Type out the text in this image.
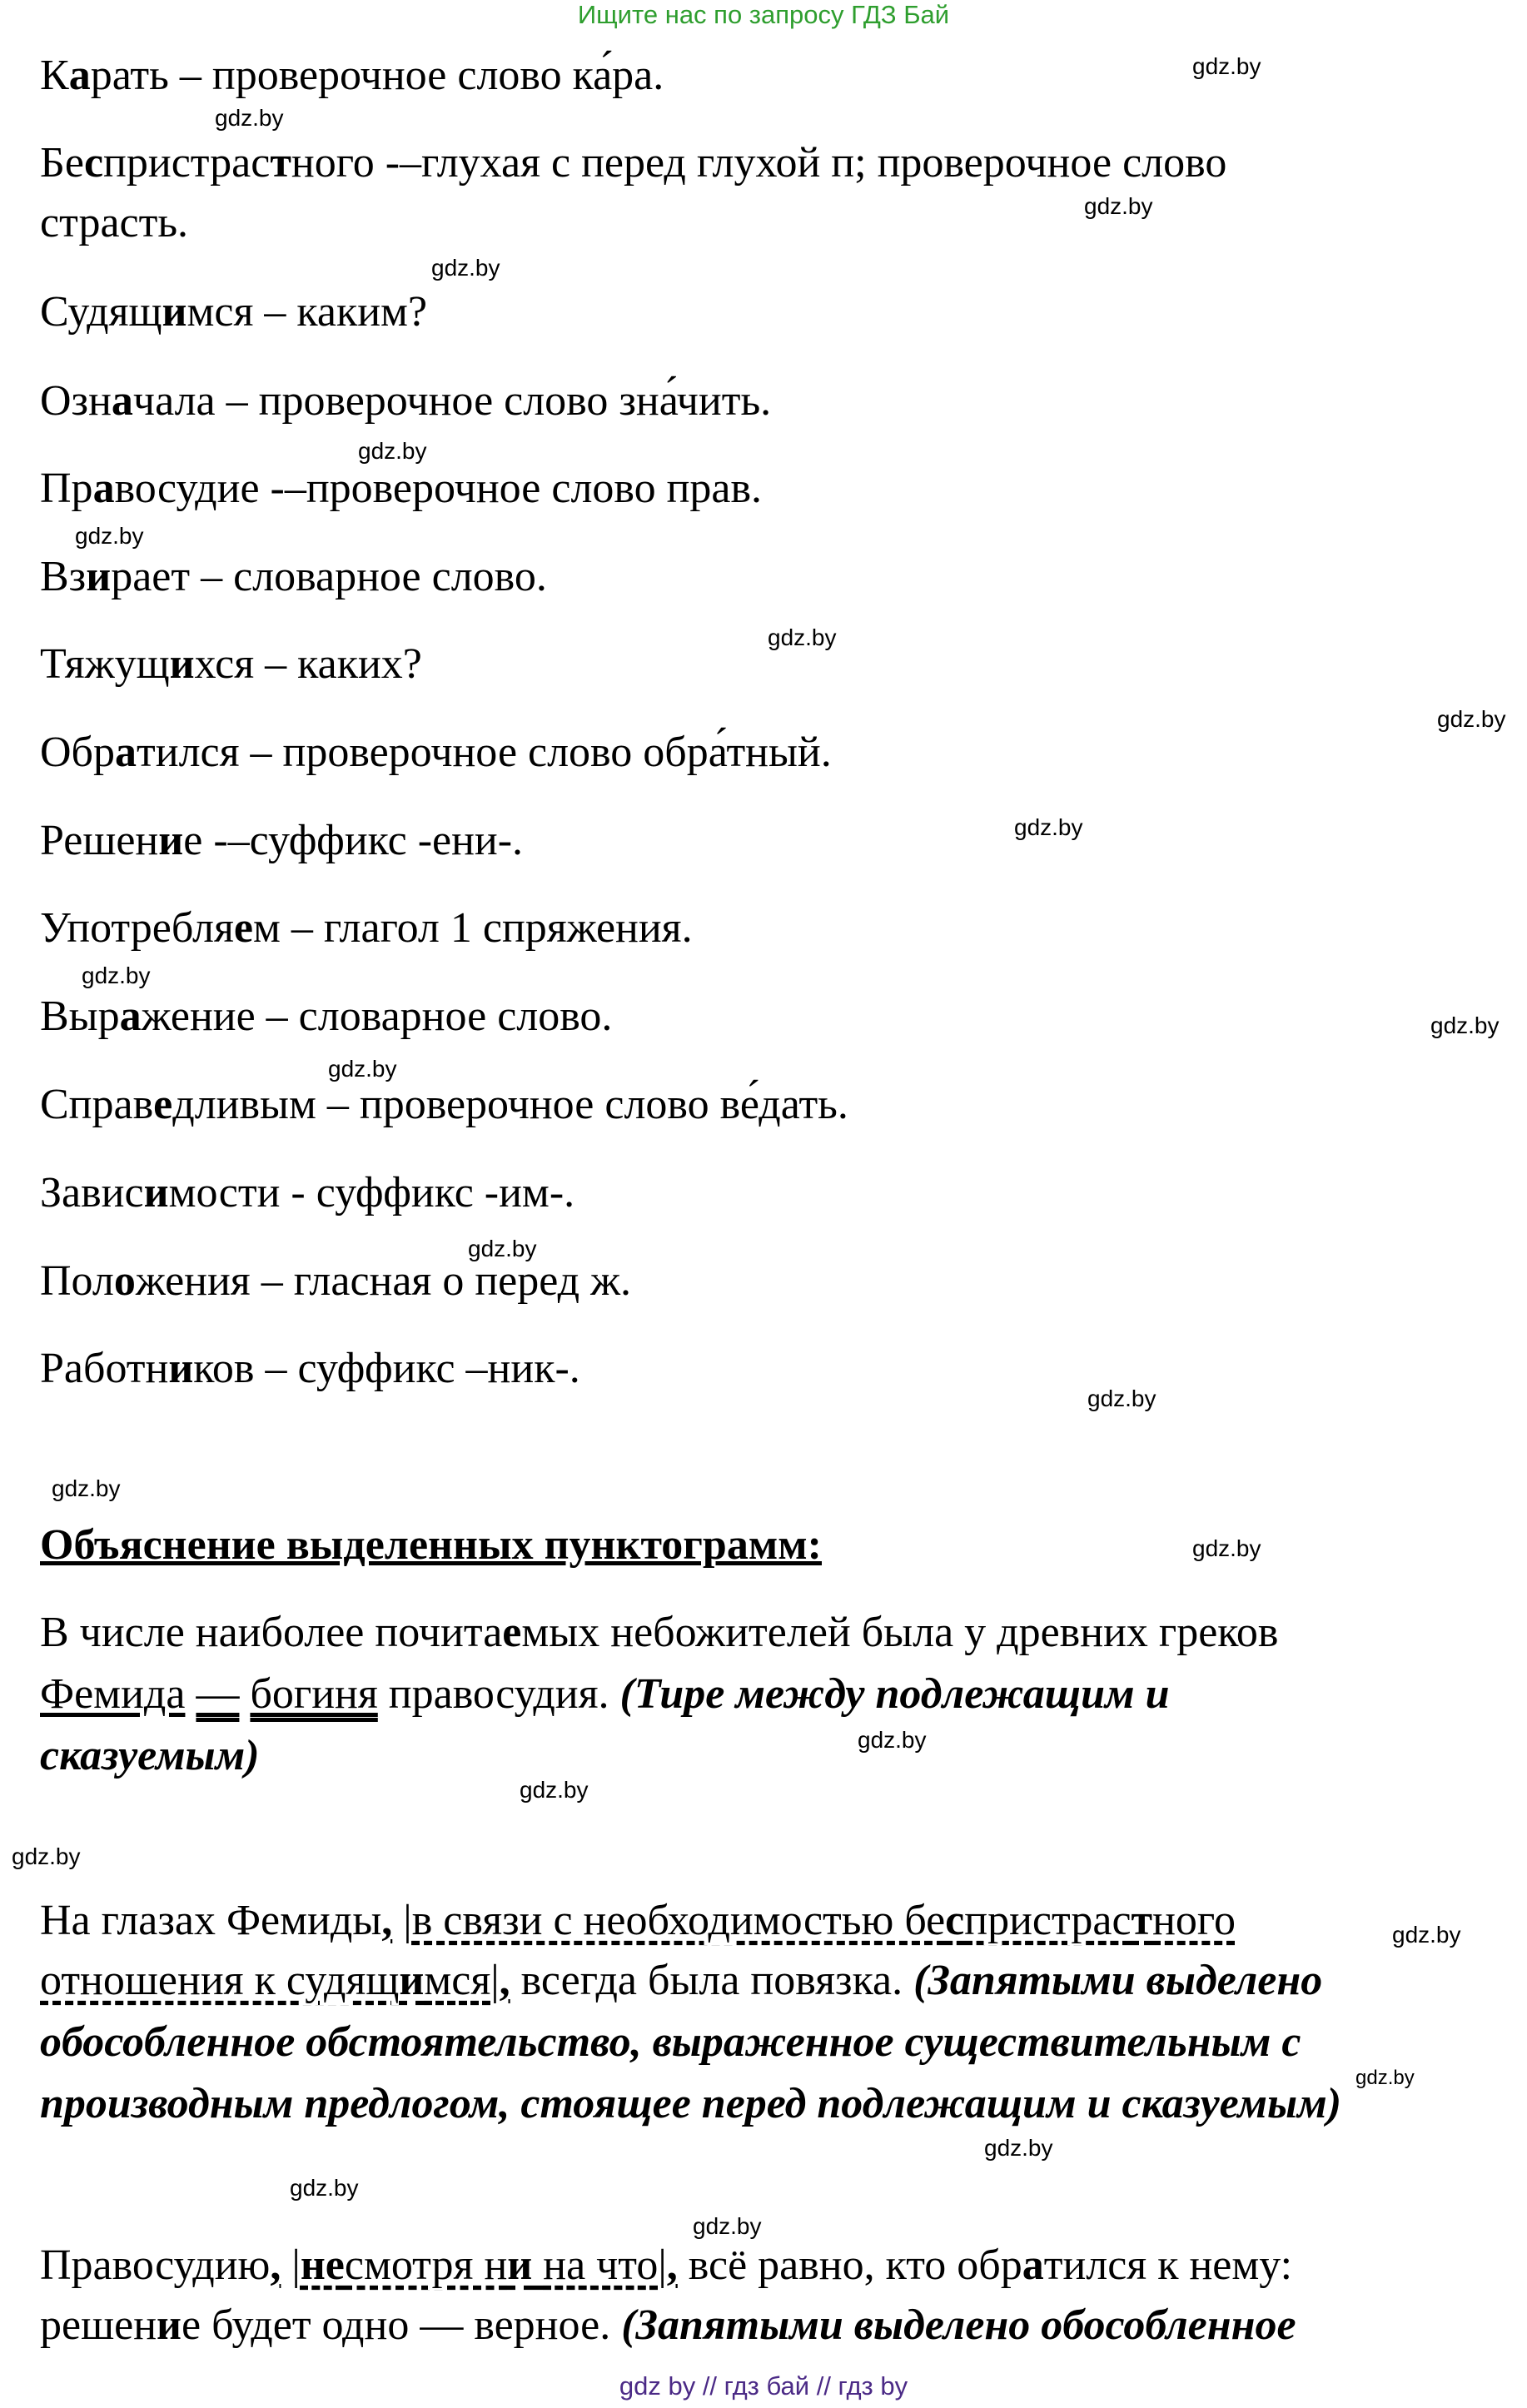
Ищите нас по запросу ГДЗ Бай
Карать – проверочное слово ка́ра.
Беспристрастного -–глухая с перед глухой п; проверочное слово
страсть.
Судящимся – каким?
Означала – проверочное слово зна́чить.
Правосудие -–проверочное слово прав.
Взирает – словарное слово.
Тяжущихся – каких?
Обратился – проверочное слово обра́тный.
Решение -–суффикс -ени-.
Употребляем – глагол 1 спряжения.
Выражение – словарное слово.
Справедливым – проверочное слово ве́дать.
Зависимости - суффикс -им-.
Положения – гласная о перед ж.
Работников – суффикс –ник-.
Объяснение выделенных пунктограмм:
В числе наиболее почитаемых небожителей была у древних греков
Фемида — богиня правосудия. (Тире между подлежащим и
сказуемым)
На глазах Фемиды, |в связи с необходимостью беспристрастного
отношения к судящимся|, всегда была повязка. (Запятыми выделено
обособленное обстоятельство, выраженное существительным с
производным предлогом, стоящее перед подлежащим и сказуемым)
Правосудию, |несмотря ни на что|, всё равно, кто обратился к нему:
решение будет одно — верное. (Запятыми выделено обособленное
gdz.by
gdz.by
gdz.by
gdz.by
gdz.by
gdz.by
gdz.by
gdz.by
gdz.by
gdz.by
gdz.by
gdz.by
gdz.by
gdz.by
gdz.by
gdz.by
gdz.by
gdz.by
gdz.by
gdz.by
gdz.by
gdz.by
gdz.by
gdz.by
gdz by // гдз бай // гдз by
